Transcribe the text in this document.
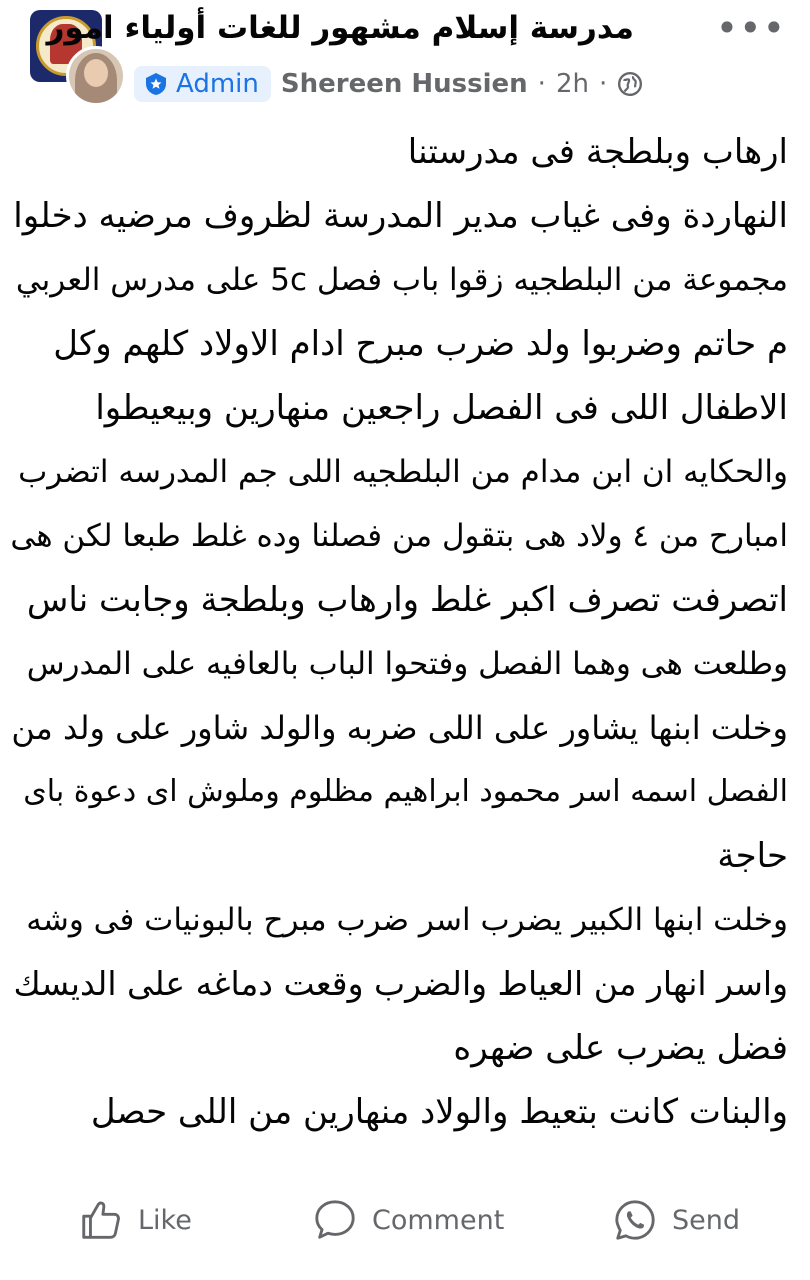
مدرسة إسلام مشهور للغات أولياء امور •••
Admin Shereen Hussien · 2h ·
ارهاب وبلطجة فى مدرستنا
النهاردة وفى غياب مدير المدرسة لظروف مرضيه دخلوا
مجموعة من البلطجيه زقوا باب فصل 5c على مدرس العربي
م حاتم وضربوا ولد ضرب مبرح ادام الاولاد كلهم وكل
الاطفال اللى فى الفصل راجعين منهارين وبيعيطوا
والحكايه ان ابن مدام من البلطجيه اللى جم المدرسه اتضرب
امبارح من ٤ ولاد هى بتقول من فصلنا وده غلط طبعا لكن هى
اتصرفت تصرف اكبر غلط وارهاب وبلطجة وجابت ناس
وطلعت هى وهما الفصل وفتحوا الباب بالعافيه على المدرس
وخلت ابنها يشاور على اللى ضربه والولد شاور على ولد من
الفصل اسمه اسر محمود ابراهيم مظلوم وملوش اى دعوة باى
حاجة
وخلت ابنها الكبير يضرب اسر ضرب مبرح بالبونيات فى وشه
واسر انهار من العياط والضرب وقعت دماغه على الديسك
فضل يضرب على ضهره
والبنات كانت بتعيط والولاد منهارين من اللى حصل
Like	Comment	Send
